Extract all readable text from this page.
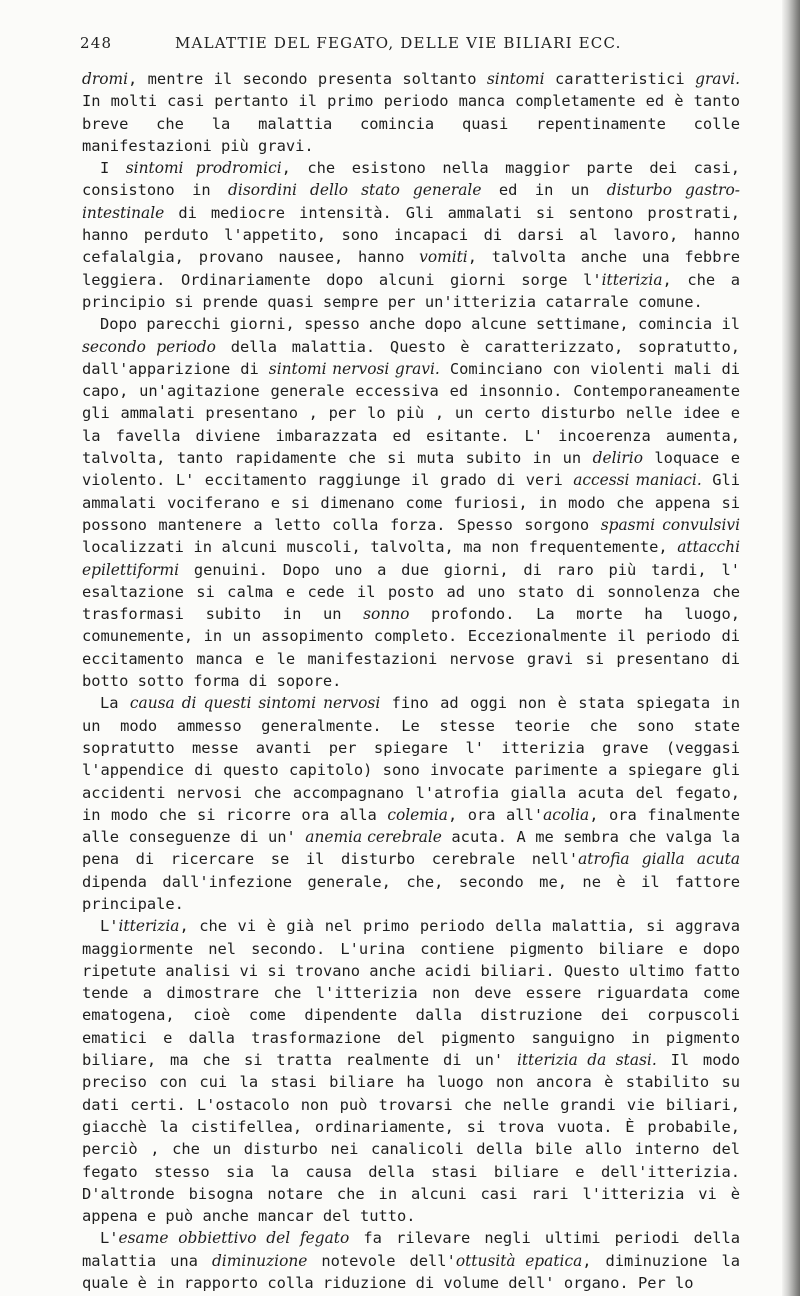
248	MALATTIE DEL FEGATO, DELLE VIE BILIARI ECC.

dromi, mentre il secondo presenta soltanto sintomi caratteristici gravi. In molti casi pertanto il primo periodo manca completamente ed è tanto breve che la malattia comincia quasi repentinamente colle manifestazioni più gravi.

I sintomi prodromici, che esistono nella maggior parte dei casi, consistono in disordini dello stato generale ed in un disturbo gastro-intestinale di mediocre intensità. Gli ammalati si sentono prostrati, hanno perduto l'appetito, sono incapaci di darsi al lavoro, hanno cefalalgia, provano nausee, hanno vomiti, talvolta anche una febbre leggiera. Ordinariamente dopo alcuni giorni sorge l'itterizia, che a principio si prende quasi sempre per un'itterizia catarrale comune.

Dopo parecchi giorni, spesso anche dopo alcune settimane, comincia il secondo periodo della malattia. Questo è caratterizzato, sopratutto, dall'apparizione di sintomi nervosi gravi. Cominciano con violenti mali di capo, un'agitazione generale eccessiva ed insonnio. Contemporaneamente gli ammalati presentano , per lo più , un certo disturbo nelle idee e la favella diviene imbarazzata ed esitante. L' incoerenza aumenta, talvolta, tanto rapidamente che si muta subito in un delirio loquace e violento. L' eccitamento raggiunge il grado di veri accessi maniaci. Gli ammalati vociferano e si dimenano come furiosi, in modo che appena si possono mantenere a letto colla forza. Spesso sorgono spasmi convulsivi localizzati in alcuni muscoli, talvolta, ma non frequentemente, attacchi epilettiformi genuini. Dopo uno a due giorni, di raro più tardi, l' esaltazione si calma e cede il posto ad uno stato di sonnolenza che trasformasi subito in un sonno profondo. La morte ha luogo, comunemente, in un assopimento completo. Eccezionalmente il periodo di eccitamento manca e le manifestazioni nervose gravi si presentano di botto sotto forma di sopore.

La causa di questi sintomi nervosi fino ad oggi non è stata spiegata in un modo ammesso generalmente. Le stesse teorie che sono state sopratutto messe avanti per spiegare l' itterizia grave (veggasi l'appendice di questo capitolo) sono invocate parimente a spiegare gli accidenti nervosi che accompagnano l'atrofia gialla acuta del fegato, in modo che si ricorre ora alla colemia, ora all'acolia, ora finalmente alle conseguenze di un' anemia cerebrale acuta. A me sembra che valga la pena di ricercare se il disturbo cerebrale nell'atrofia gialla acuta dipenda dall'infezione generale, che, secondo me, ne è il fattore principale.

L'itterizia, che vi è già nel primo periodo della malattia, si aggrava maggiormente nel secondo. L'urina contiene pigmento biliare e dopo ripetute analisi vi si trovano anche acidi biliari. Questo ultimo fatto tende a dimostrare che l'itterizia non deve essere riguardata come ematogena, cioè come dipendente dalla distruzione dei corpuscoli ematici e dalla trasformazione del pigmento sanguigno in pigmento biliare, ma che si tratta realmente di un' itterizia da stasi. Il modo preciso con cui la stasi biliare ha luogo non ancora è stabilito su dati certi. L'ostacolo non può trovarsi che nelle grandi vie biliari, giacchè la cistifellea, ordinariamente, si trova vuota. È probabile, perciò , che un disturbo nei canalicoli della bile allo interno del fegato stesso sia la causa della stasi biliare e dell'itterizia. D'altronde bisogna notare che in alcuni casi rari l'itterizia vi è appena e può anche mancar del tutto.

L'esame obbiettivo del fegato fa rilevare negli ultimi periodi della malattia una diminuzione notevole dell'ottusità epatica, diminuzione la quale è in rapporto colla riduzione di volume dell' organo. Per lo
